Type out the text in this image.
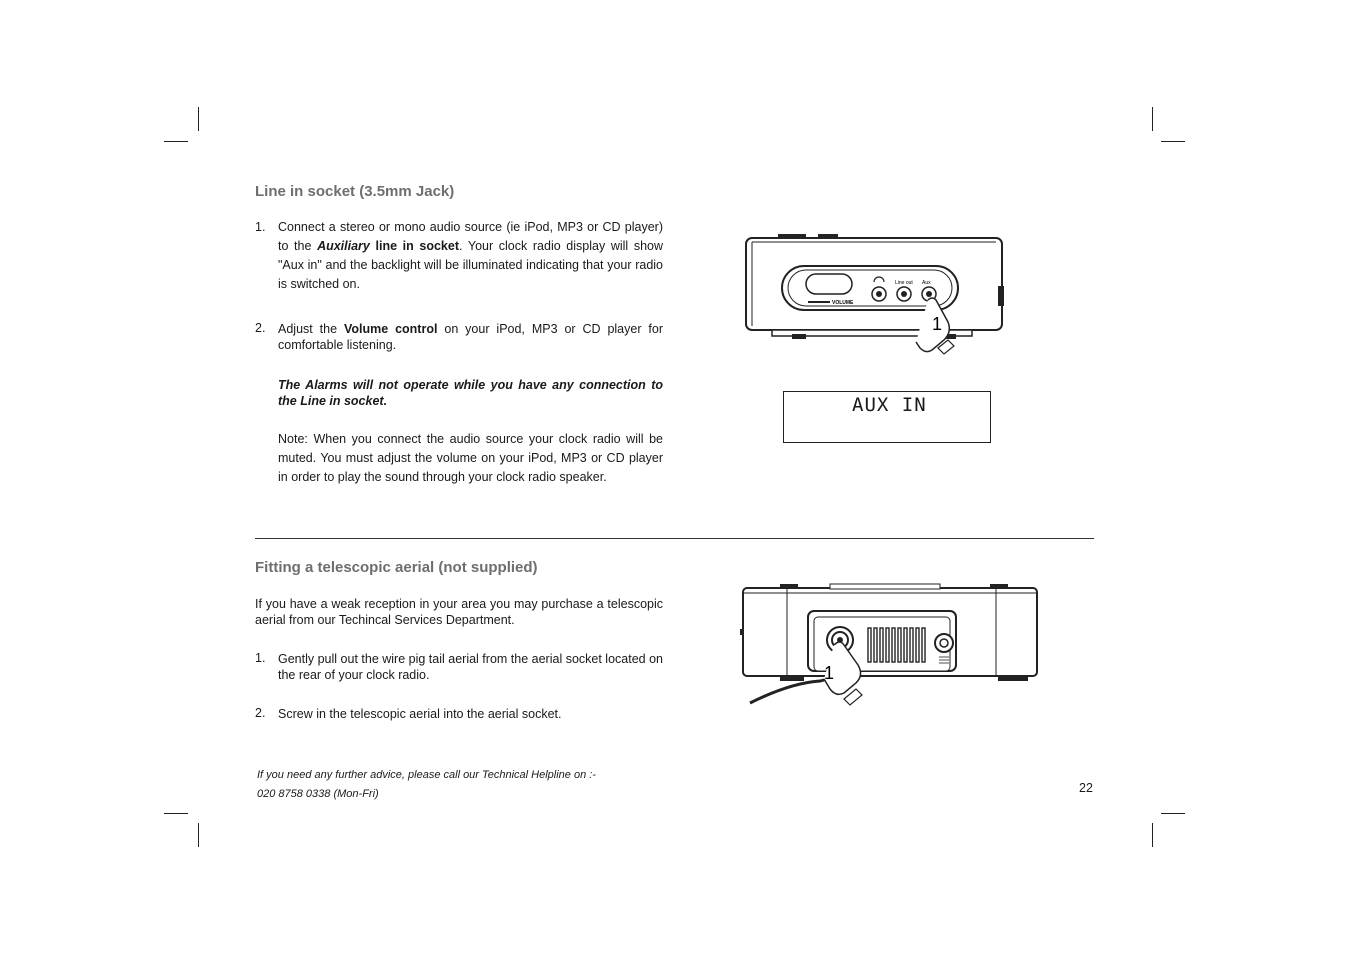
Line in socket (3.5mm Jack)
1. Connect a stereo or mono audio source (ie iPod, MP3 or CD player) to the Auxiliary line in socket. Your clock radio display will show "Aux in" and the backlight will be illuminated indicating that your radio is switched on.
2. Adjust the Volume control on your iPod, MP3 or CD player for comfortable listening.
The Alarms will not operate while you have any connection to the Line in socket.
Note: When you connect the audio source your clock radio will be muted. You must adjust the volume on your iPod, MP3 or CD player in order to play the sound through your clock radio speaker.
VOLUME
Line out Aux
1
AUX IN
Fitting a telescopic aerial (not supplied)
If you have a weak reception in your area you may purchase a telescopic aerial from our Techincal Services Department.
1. Gently pull out the wire pig tail aerial from the aerial socket located on the rear of your clock radio.
2. Screw in the telescopic aerial into the aerial socket.
1
If you need any further advice, please call our Technical Helpline on :-
020 8758 0338 (Mon-Fri)	22
